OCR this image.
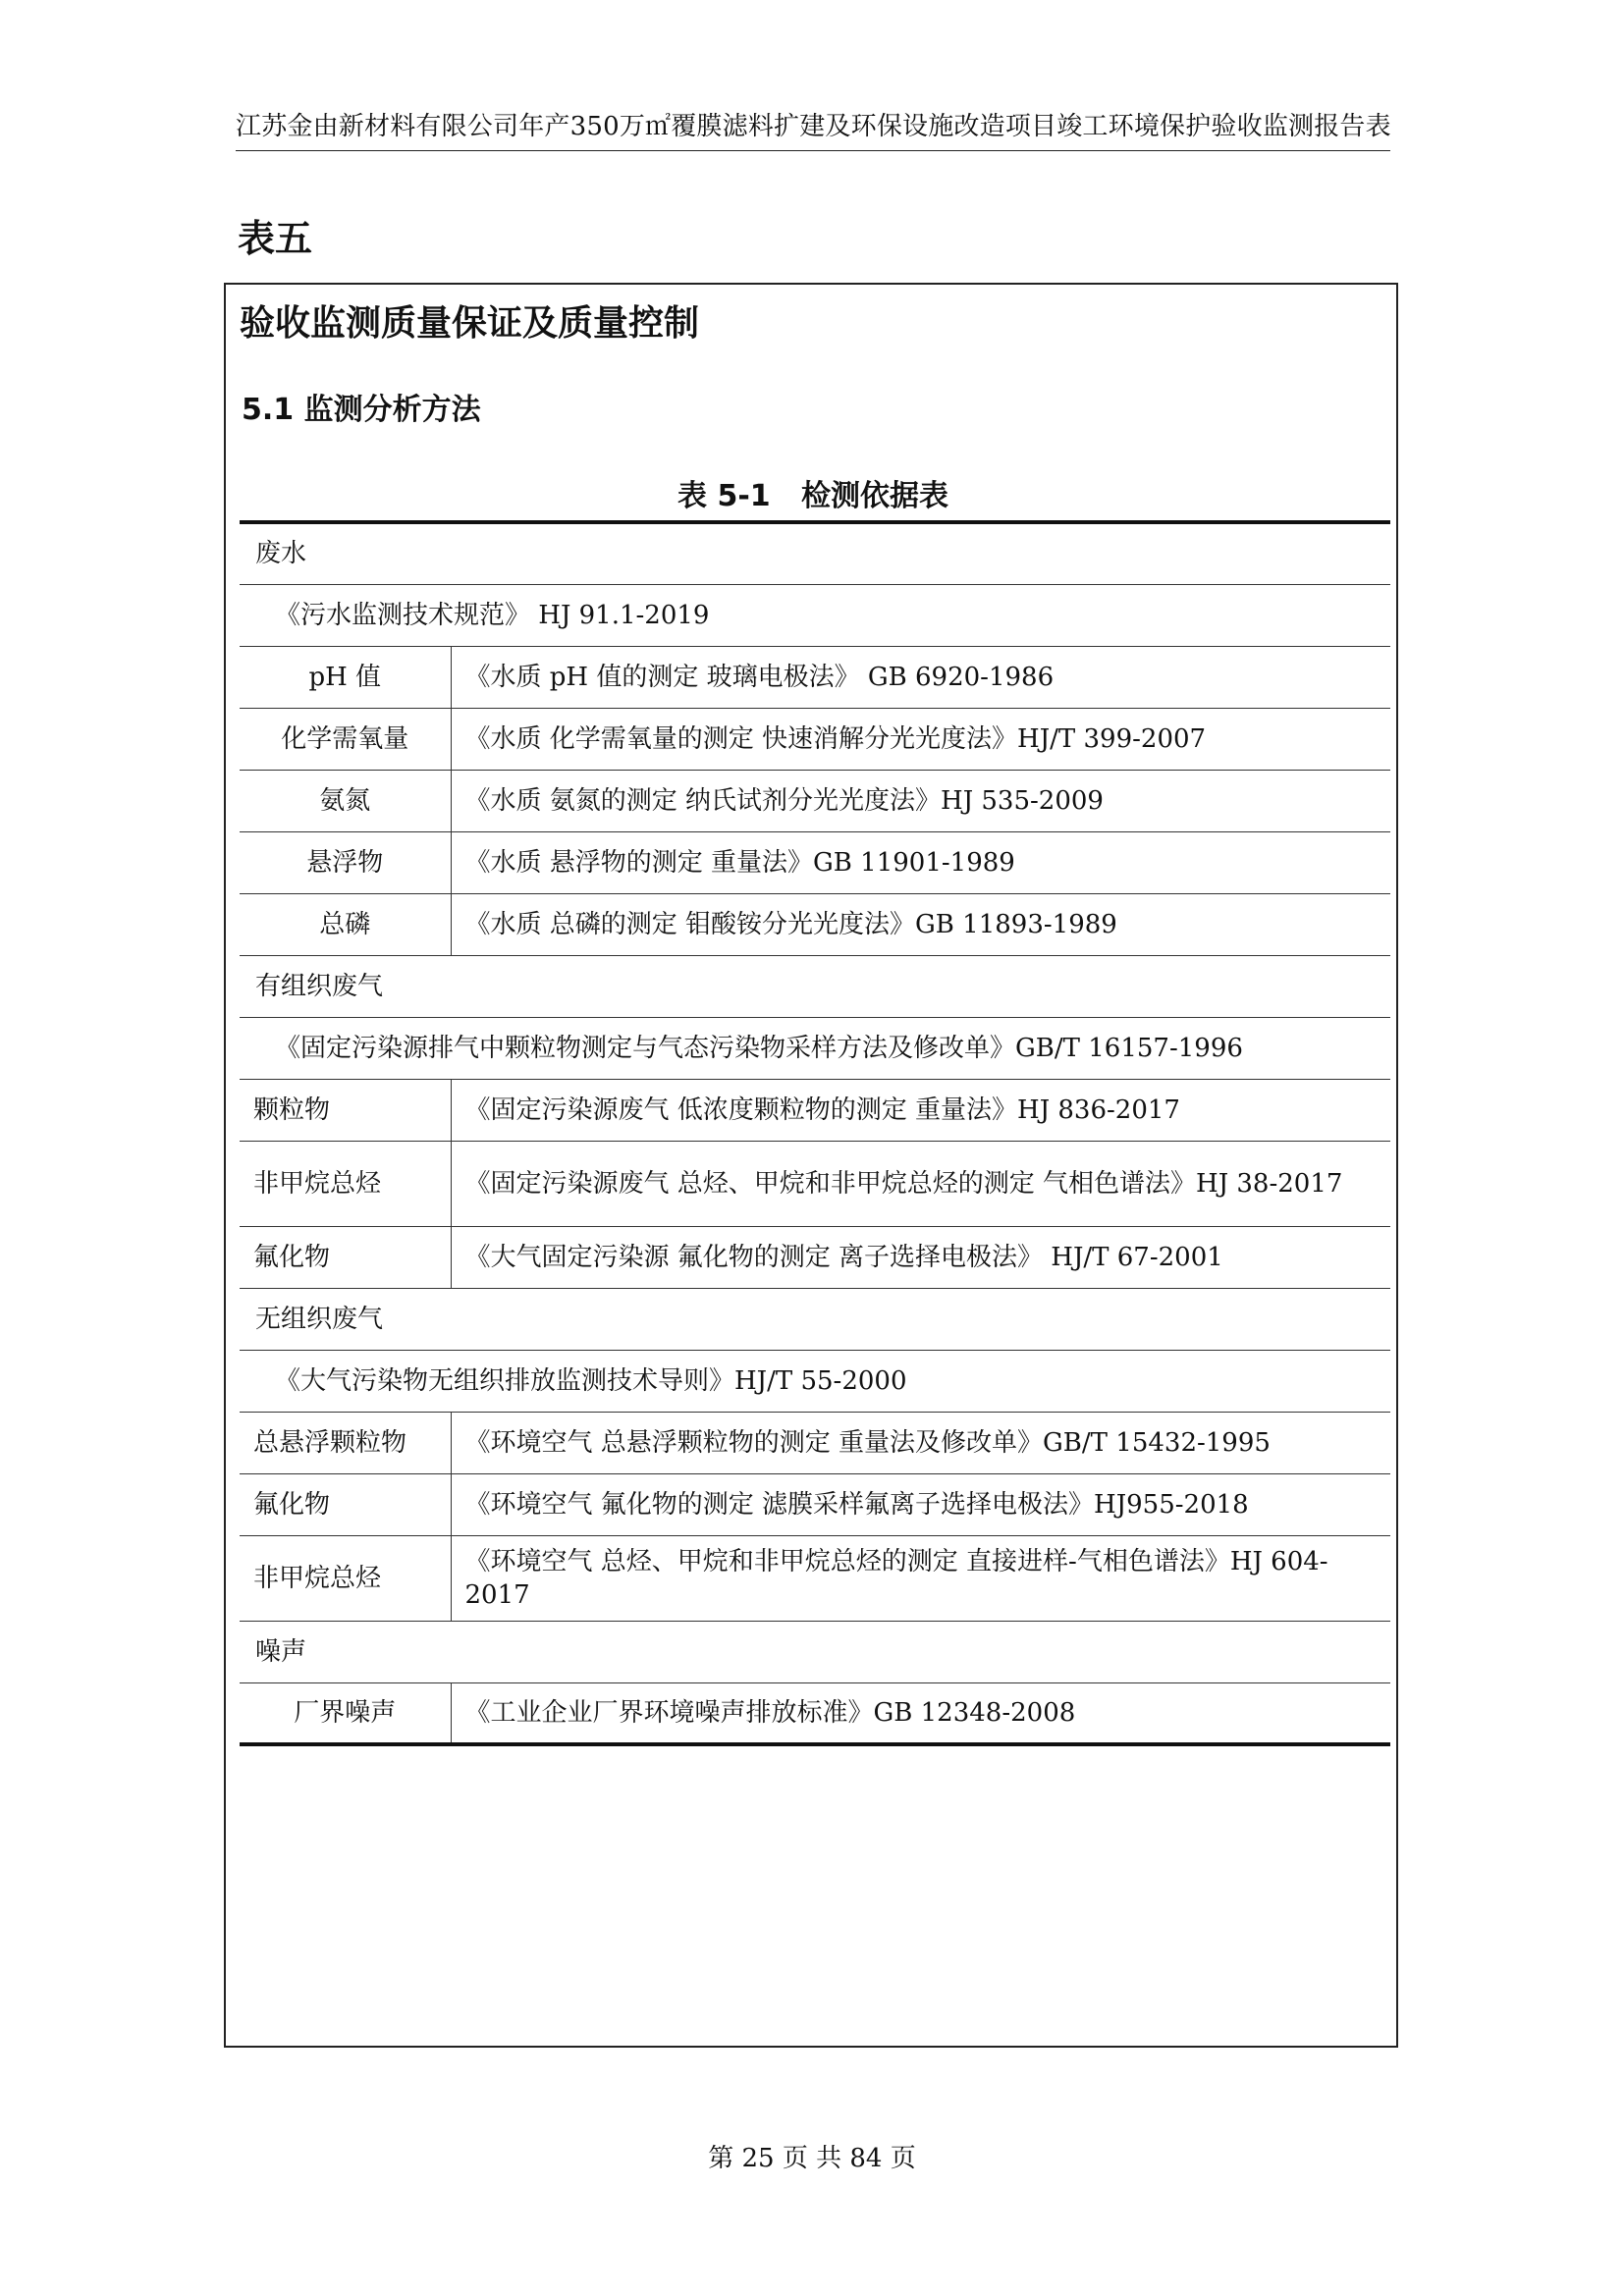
江苏金由新材料有限公司年产350万㎡覆膜滤料扩建及环保设施改造项目竣工环境保护验收监测报告表
表五
验收监测质量保证及质量控制
5.1 监测分析方法
表 5-1   检测依据表
废水	
《污水监测技术规范》 HJ 91.1-2019	
pH 值	《水质 pH 值的测定 玻璃电极法》 GB 6920-1986
化学需氧量	《水质 化学需氧量的测定 快速消解分光光度法》HJ/T 399-2007
氨氮	《水质 氨氮的测定 纳氏试剂分光光度法》HJ 535-2009
悬浮物	《水质 悬浮物的测定 重量法》GB 11901-1989
总磷	《水质 总磷的测定 钼酸铵分光光度法》GB 11893-1989
有组织废气	
《固定污染源排气中颗粒物测定与气态污染物采样方法及修改单》GB/T 16157-1996	
颗粒物	《固定污染源废气 低浓度颗粒物的测定 重量法》HJ 836-2017
非甲烷总烃	《固定污染源废气 总烃、甲烷和非甲烷总烃的测定 气相色谱法》HJ 38-2017
氟化物	《大气固定污染源 氟化物的测定 离子选择电极法》 HJ/T 67-2001
无组织废气	
《大气污染物无组织排放监测技术导则》HJ/T 55-2000	
总悬浮颗粒物	《环境空气 总悬浮颗粒物的测定 重量法及修改单》GB/T 15432-1995
氟化物	《环境空气 氟化物的测定 滤膜采样氟离子选择电极法》HJ955-2018
非甲烷总烃	《环境空气 总烃、甲烷和非甲烷总烃的测定 直接进样-气相色谱法》HJ 604-2017
噪声	
厂界噪声	《工业企业厂界环境噪声排放标准》GB 12348-2008
第 25 页 共 84 页
